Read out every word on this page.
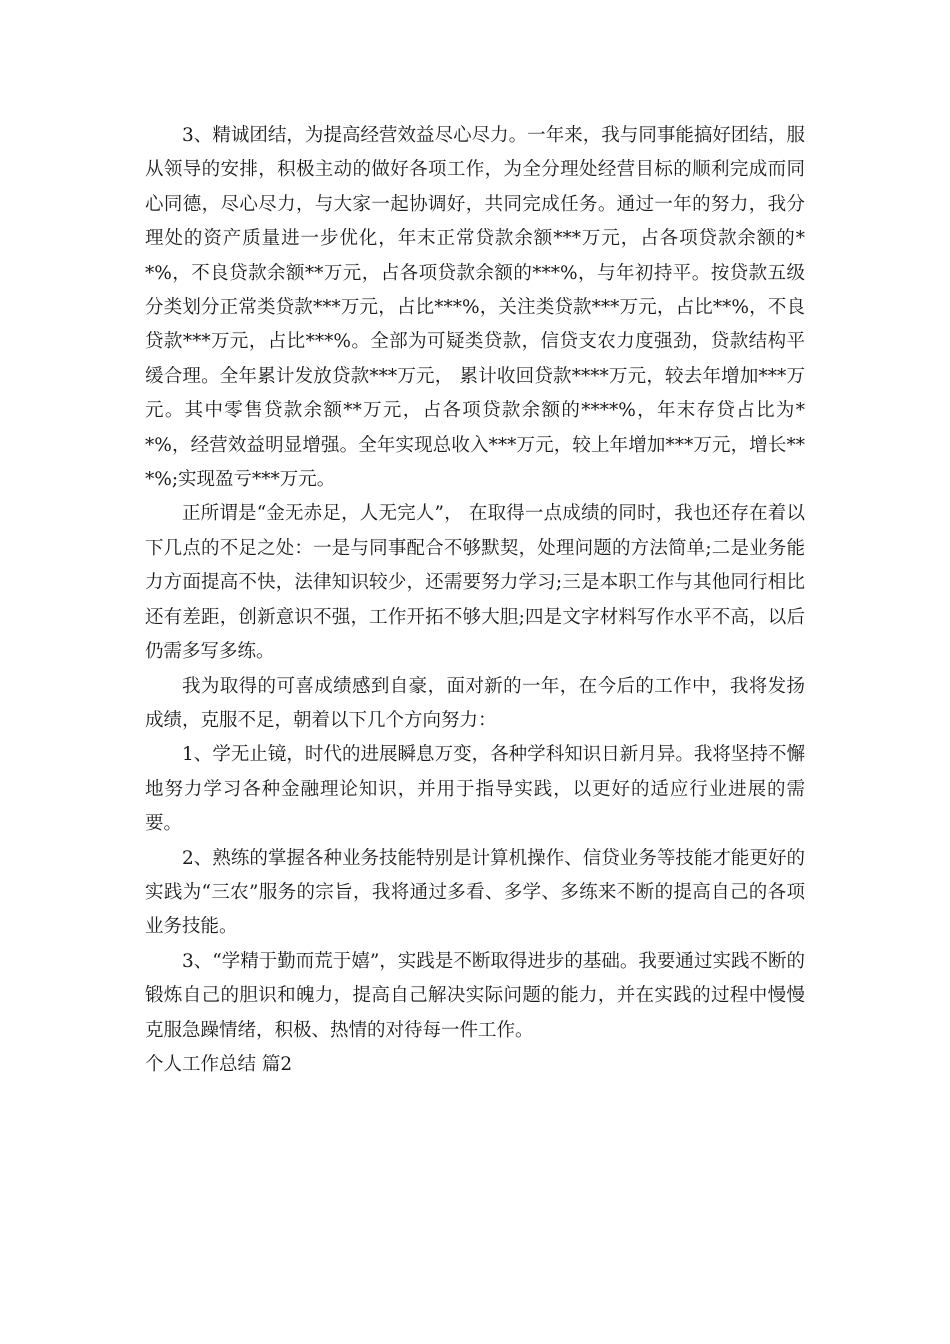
3、精诚团结，为提高经营效益尽心尽力。一年来，我与同事能搞好团结，服从领导的安排，积极主动的做好各项工作，为全分理处经营目标的顺利完成而同心同德，尽心尽力，与大家一起协调好，共同完成任务。通过一年的努力，我分理处的资产质量进一步优化，年末正常贷款余额***万元，占各项贷款余额的**%，不良贷款余额**万元，占各项贷款余额的***%，与年初持平。按贷款五级分类划分正常类贷款***万元，占比***%，关注类贷款***万元，占比**%，不良贷款***万元，占比***%。全部为可疑类贷款，信贷支农力度强劲，贷款结构平缓合理。全年累计发放贷款***万元， 累计收回贷款****万元，较去年增加***万元。其中零售贷款余额**万元，占各项贷款余额的****%，年末存贷占比为**%，经营效益明显增强。全年实现总收入***万元，较上年增加***万元，增长***%;实现盈亏***万元。

正所谓是“金无赤足，人无完人”， 在取得一点成绩的同时，我也还存在着以下几点的不足之处：一是与同事配合不够默契，处理问题的方法简单;二是业务能力方面提高不快，法律知识较少，还需要努力学习;三是本职工作与其他同行相比还有差距，创新意识不强，工作开拓不够大胆;四是文字材料写作水平不高，以后仍需多写多练。

我为取得的可喜成绩感到自豪，面对新的一年，在今后的工作中，我将发扬成绩，克服不足，朝着以下几个方向努力：

1、学无止镜，时代的进展瞬息万变，各种学科知识日新月异。我将坚持不懈地努力学习各种金融理论知识，并用于指导实践，以更好的适应行业进展的需要。

2、熟练的掌握各种业务技能特别是计算机操作、信贷业务等技能才能更好的实践为“三农”服务的宗旨，我将通过多看、多学、多练来不断的提高自己的各项业务技能。

3、“学精于勤而荒于嬉”，实践是不断取得进步的基础。我要通过实践不断的锻炼自己的胆识和魄力，提高自己解决实际问题的能力，并在实践的过程中慢慢克服急躁情绪，积极、热情的对待每一件工作。

个人工作总结 篇2
